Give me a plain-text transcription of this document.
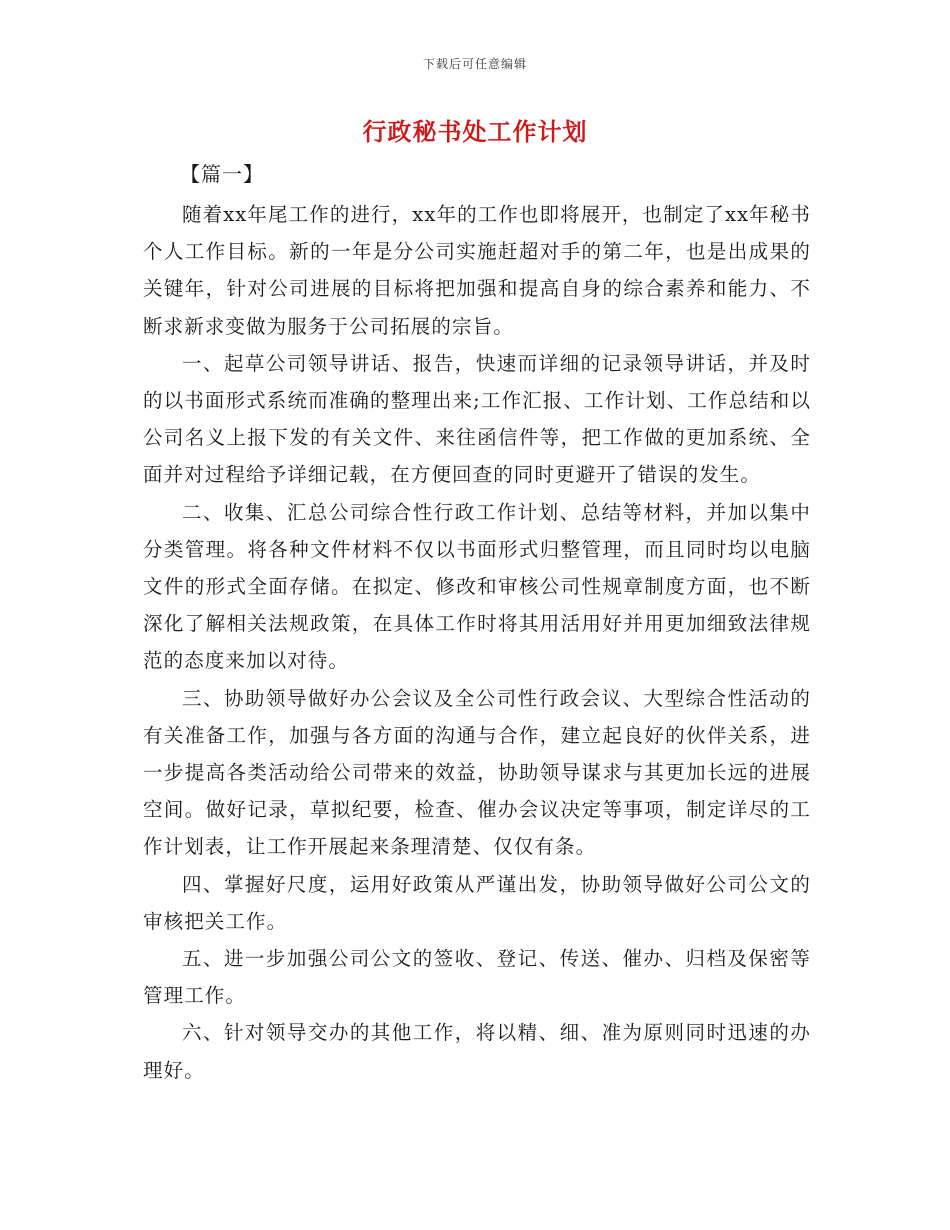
下载后可任意编辑
行政秘书处工作计划
【篇一】

随着xx年尾工作的进行，xx年的工作也即将展开，也制定了xx年秘书个人工作目标。新的一年是分公司实施赶超对手的第二年，也是出成果的关键年，针对公司进展的目标将把加强和提高自身的综合素养和能力、不断求新求变做为服务于公司拓展的宗旨。

一、起草公司领导讲话、报告，快速而详细的记录领导讲话，并及时的以书面形式系统而准确的整理出来;工作汇报、工作计划、工作总结和以公司名义上报下发的有关文件、来往函信件等，把工作做的更加系统、全面并对过程给予详细记载，在方便回查的同时更避开了错误的发生。

二、收集、汇总公司综合性行政工作计划、总结等材料，并加以集中分类管理。将各种文件材料不仅以书面形式归整管理，而且同时均以电脑文件的形式全面存储。在拟定、修改和审核公司性规章制度方面，也不断深化了解相关法规政策，在具体工作时将其用活用好并用更加细致法律规范的态度来加以对待。

三、协助领导做好办公会议及全公司性行政会议、大型综合性活动的有关准备工作，加强与各方面的沟通与合作，建立起良好的伙伴关系，进一步提高各类活动给公司带来的效益，协助领导谋求与其更加长远的进展空间。做好记录，草拟纪要，检查、催办会议决定等事项，制定详尽的工作计划表，让工作开展起来条理清楚、仅仅有条。

四、掌握好尺度，运用好政策从严谨出发，协助领导做好公司公文的审核把关工作。

五、进一步加强公司公文的签收、登记、传送、催办、归档及保密等管理工作。

六、针对领导交办的其他工作，将以精、细、准为原则同时迅速的办理好。
